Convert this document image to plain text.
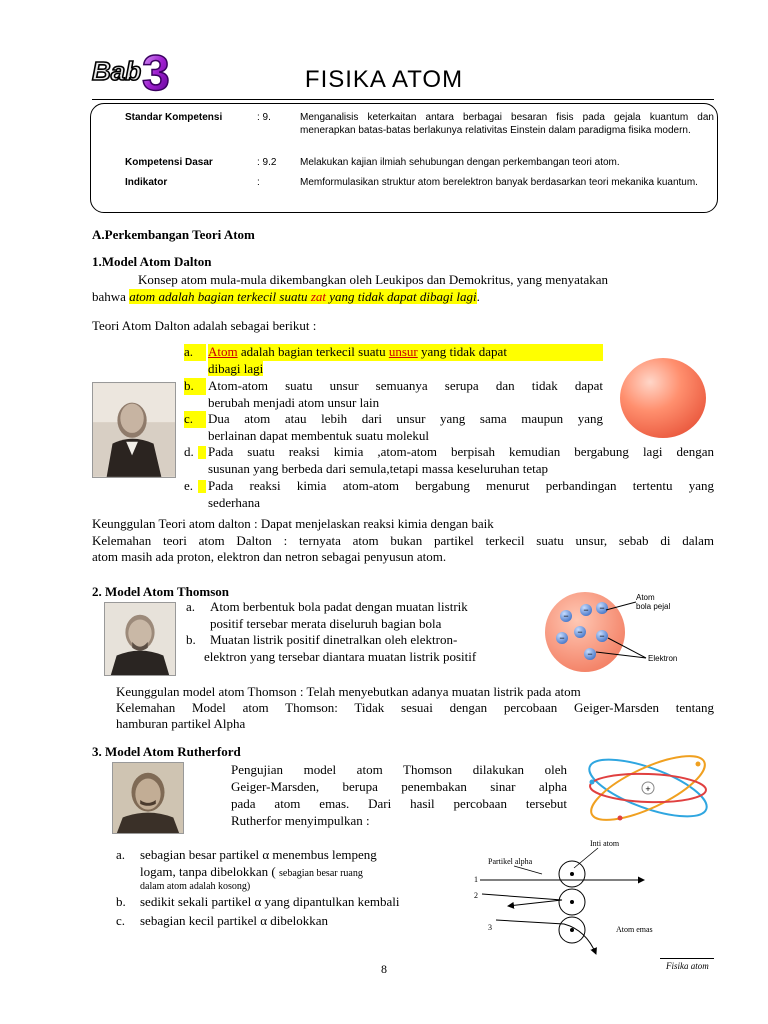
Bab 3	FISIKA ATOM
Standar Kompetensi	: 9.	Menganalisis keterkaitan antara berbagai besaran fisis pada gejala kuantum dan menerapkan batas-batas berlakunya relativitas Einstein dalam paradigma fisika modern.
Kompetensi Dasar	: 9.2 Melakukan kajian ilmiah sehubungan dengan perkembangan teori atom.
Indikator	:	Memformulasikan struktur atom berelektron banyak berdasarkan teori mekanika kuantum.
A.Perkembangan Teori Atom
1.Model Atom Dalton
Konsep atom mula-mula dikembangkan oleh Leukipos dan Demokritus, yang menyatakan
bahwa atom adalah bagian terkecil suatu zat yang tidak dapat dibagi lagi.
Teori Atom Dalton adalah sebagai berikut :
a.	Atom adalah bagian terkecil suatu unsur yang tidak dapat
dibagi lagi
b.	Atom-atom suatu unsur semuanya serupa dan tidak dapat
berubah menjadi atom unsur lain
c.	Dua atom atau lebih dari unsur yang sama maupun yang
berlainan dapat membentuk suatu molekul
d.	Pada suatu reaksi kimia ,atom-atom berpisah kemudian bergabung lagi dengan
susunan yang berbeda dari semula,tetapi massa keseluruhan tetap
e.	Pada reaksi kimia atom-atom bergabung menurut perbandingan tertentu yang
sederhana
Keunggulan Teori atom dalton : Dapat menjelaskan reaksi kimia dengan baik
Kelemahan teori atom Dalton : ternyata atom bukan partikel terkecil suatu unsur, sebab di dalam
atom masih ada proton, elektron dan netron sebagai penyusun atom.
2. Model Atom Thomson
a.	Atom berbentuk bola padat dengan muatan listrik
positif tersebar merata diseluruh bagian bola
b.	Muatan listrik positif dinetralkan oleh elektron-
elektron yang tersebar diantara muatan listrik positif
−
− −
−
− −
−
Atom
bola pejal
Elektron
Keunggulan model atom Thomson : Telah menyebutkan adanya muatan listrik pada atom
Kelemahan Model atom Thomson: Tidak sesuai dengan percobaan Geiger-Marsden tentang
hamburan partikel Alpha
3. Model Atom Rutherford
Pengujian model atom Thomson dilakukan oleh
Geiger-Marsden, berupa penembakan sinar alpha
pada atom emas. Dari hasil percobaan tersebut
Rutherfor menyimpulkan :
+
a.	sebagian besar partikel α menembus lempeng
logam, tanpa dibelokkan ( sebagian besar ruang
dalam atom adalah kosong)
b.	sedikit sekali partikel α yang dipantulkan kembali
c.	sebagian kecil partikel α dibelokkan
Inti atom
Partikel alpha
1
2
3	Atom emas
8	Fisika atom
